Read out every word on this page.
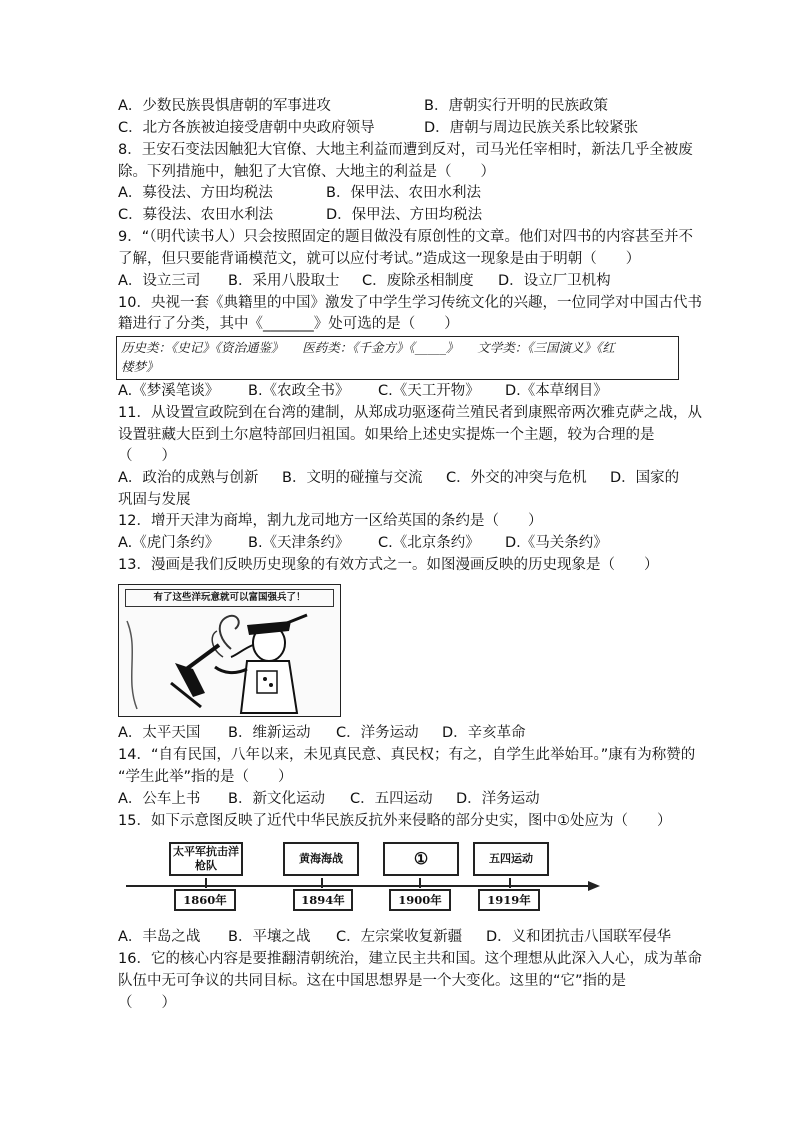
A．少数民族畏惧唐朝的军事进攻	B．唐朝实行开明的民族政策
C．北方各族被迫接受唐朝中央政府领导	D．唐朝与周边民族关系比较紧张
8．王安石变法因触犯大官僚、大地主利益而遭到反对，司马光任宰相时，新法几乎全被废
除。下列措施中，触犯了大官僚、大地主的利益是（　　）
A．募役法、方田均税法	B．保甲法、农田水利法
C．募役法、农田水利法	D．保甲法、方田均税法
9．“（明代读书人）只会按照固定的题目做没有原创性的文章。他们对四书的内容甚至并不
了解，但只要能背诵模范文，就可以应付考试。”造成这一现象是由于明朝（　　）
A．设立三司 B．采用八股取士 C．废除丞相制度 D．设立厂卫机构
10．央视一套《典籍里的中国》激发了中学生学习传统文化的兴趣，一位同学对中国古代书
籍进行了分类，其中《_______》处可选的是（　　）
历史类：《史记》《资治通鉴》　　医药类：《千金方》《_____》　　文学类：《三国演义》《红
楼梦》
A.《梦溪笔谈》 B.《农政全书》 C.《天工开物》 D.《本草纲目》
11．从设置宣政院到在台湾的建制，从郑成功驱逐荷兰殖民者到康熙帝两次雅克萨之战，从
设置驻藏大臣到土尔扈特部回归祖国。如果给上述史实提炼一个主题，较为合理的是
（　　）
A．政治的成熟与创新 B．文明的碰撞与交流 C．外交的冲突与危机 D．国家的
巩固与发展
12．增开天津为商埠，割九龙司地方一区给英国的条约是（　　）
A.《虎门条约》 B.《天津条约》 C.《北京条约》 D.《马关条约》
13．漫画是我们反映历史现象的有效方式之一。如图漫画反映的历史现象是（　　）
有了这些洋玩意就可以富国强兵了！
A．太平天国 B．维新运动 C．洋务运动 D．辛亥革命
14．“自有民国，八年以来，未见真民意、真民权；有之，自学生此举始耳。”康有为称赞的
“学生此举”指的是（　　）
A．公车上书 B．新文化运动 C．五四运动 D．洋务运动
15．如下示意图反映了近代中华民族反抗外来侵略的部分史实，图中①处应为（　　）
太平军抗击洋枪队
黄海海战	①	五四运动
1860年	1894年	1900年	1919年
A．丰岛之战 B．平壤之战 C．左宗棠收复新疆 D．义和团抗击八国联军侵华
16．它的核心内容是要推翻清朝统治，建立民主共和国。这个理想从此深入人心，成为革命
队伍中无可争议的共同目标。这在中国思想界是一个大变化。这里的“它”指的是
（　　）
